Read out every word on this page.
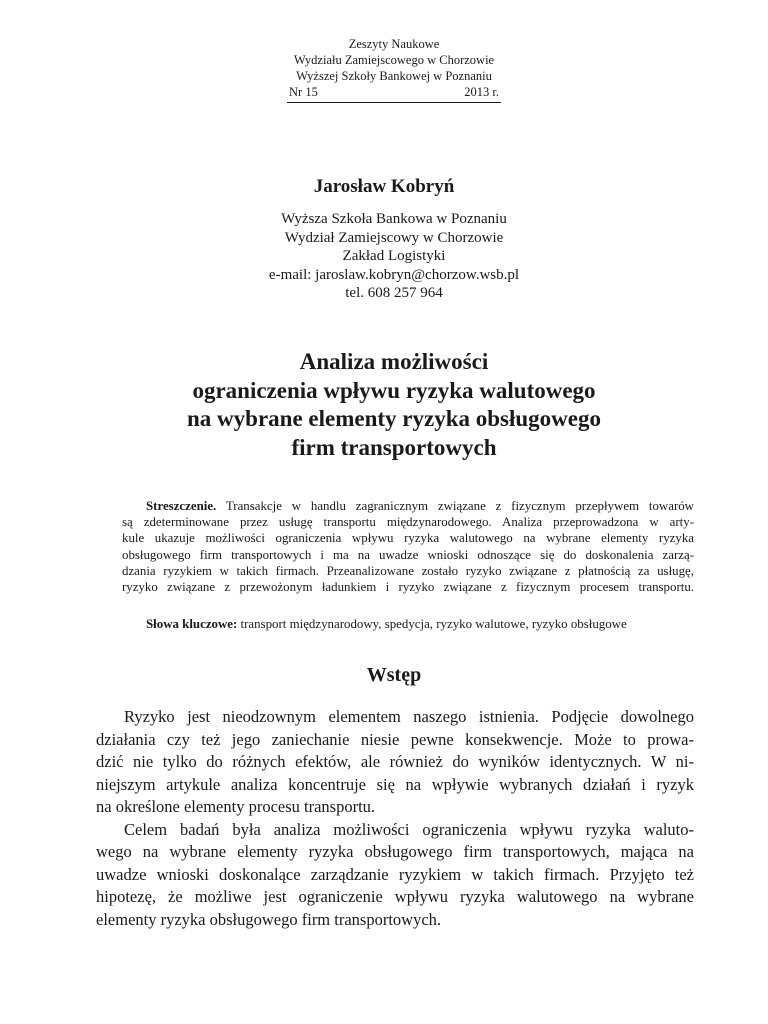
Zeszyty Naukowe
Wydziału Zamiejscowego w Chorzowie
Wyższej Szkoły Bankowej w Poznaniu
Nr 15	2013 r.
Jarosław Kobryń
Wyższa Szkoła Bankowa w Poznaniu
Wydział Zamiejscowy w Chorzowie
Zakład Logistyki
e-mail: jaroslaw.kobryn@chorzow.wsb.pl
tel. 608 257 964
Analiza możliwości
ograniczenia wpływu ryzyka walutowego
na wybrane elementy ryzyka obsługowego
firm transportowych
Streszczenie. Transakcje w handlu zagranicznym związane z fizycznym przepływem towarów
są zdeterminowane przez usługę transportu międzynarodowego. Analiza przeprowadzona w arty-
kule ukazuje możliwości ograniczenia wpływu ryzyka walutowego na wybrane elementy ryzyka
obsługowego firm transportowych i ma na uwadze wnioski odnoszące się do doskonalenia zarzą-
dzania ryzykiem w takich firmach. Przeanalizowane zostało ryzyko związane z płatnością za usługę,
ryzyko związane z przewożonym ładunkiem i ryzyko związane z fizycznym procesem transportu.
Słowa kluczowe: transport międzynarodowy, spedycja, ryzyko walutowe, ryzyko obsługowe
Wstęp
Ryzyko jest nieodzownym elementem naszego istnienia. Podjęcie dowolnego
działania czy też jego zaniechanie niesie pewne konsekwencje. Może to prowa-
dzić nie tylko do różnych efektów, ale również do wyników identycznych. W ni-
niejszym artykule analiza koncentruje się na wpływie wybranych działań i ryzyk
na określone elementy procesu transportu.
Celem badań była analiza możliwości ograniczenia wpływu ryzyka waluto-
wego na wybrane elementy ryzyka obsługowego firm transportowych, mająca na
uwadze wnioski doskonalące zarządzanie ryzykiem w takich firmach. Przyjęto też
hipotezę, że możliwe jest ograniczenie wpływu ryzyka walutowego na wybrane
elementy ryzyka obsługowego firm transportowych.
